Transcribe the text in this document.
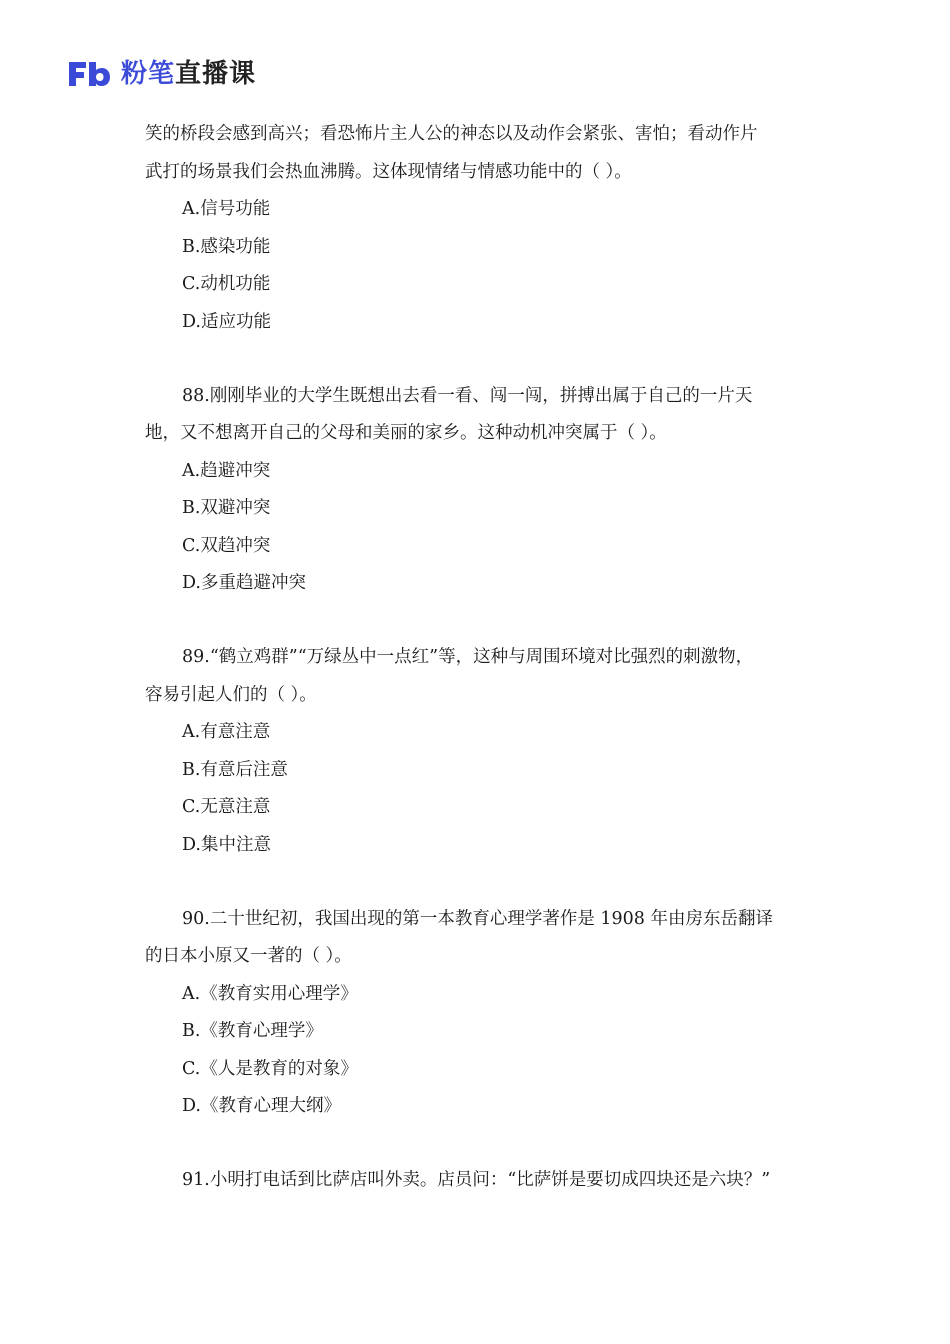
粉笔直播课
笑的桥段会感到高兴；看恐怖片主人公的神态以及动作会紧张、害怕；看动作片
武打的场景我们会热血沸腾。这体现情绪与情感功能中的（ ）。
A.信号功能
B.感染功能
C.动机功能
D.适应功能
88.刚刚毕业的大学生既想出去看一看、闯一闯，拼搏出属于自己的一片天
地，又不想离开自己的父母和美丽的家乡。这种动机冲突属于（ ）。
A.趋避冲突
B.双避冲突
C.双趋冲突
D.多重趋避冲突
89.“鹤立鸡群”“万绿丛中一点红”等，这种与周围环境对比强烈的刺激物，
容易引起人们的（ ）。
A.有意注意
B.有意后注意
C.无意注意
D.集中注意
90.二十世纪初，我国出现的第一本教育心理学著作是 1908 年由房东岳翻译
的日本小原又一著的（ ）。
A.《教育实用心理学》
B.《教育心理学》
C.《人是教育的对象》
D.《教育心理大纲》
91.小明打电话到比萨店叫外卖。店员问：“比萨饼是要切成四块还是六块？”
